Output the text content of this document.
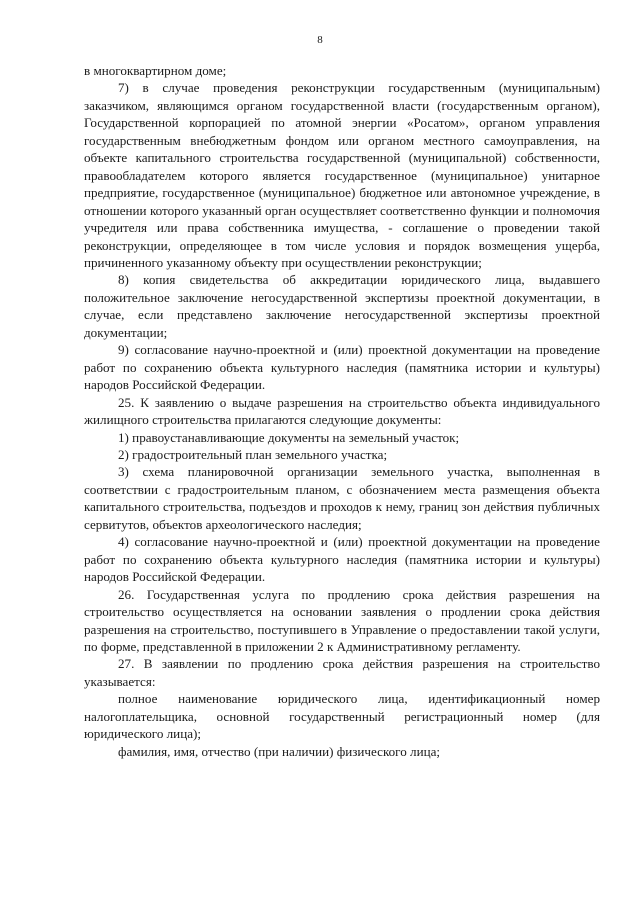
8

в многоквартирном доме;

7) в случае проведения реконструкции государственным (муниципальным) заказчиком, являющимся органом государственной власти (государственным органом), Государственной корпорацией по атомной энергии «Росатом», органом управления государственным внебюджетным фондом или органом местного самоуправления, на объекте капитального строительства государственной (муниципальной) собственности, правообладателем которого является государственное (муниципальное) унитарное предприятие, государственное (муниципальное) бюджетное или автономное учреждение, в отношении которого указанный орган осуществляет соответственно функции и полномочия учредителя или права собственника имущества, - соглашение о проведении такой реконструкции, определяющее в том числе условия и порядок возмещения ущерба, причиненного указанному объекту при осуществлении реконструкции;

8) копия свидетельства об аккредитации юридического лица, выдавшего положительное заключение негосударственной экспертизы проектной документации, в случае, если представлено заключение негосударственной экспертизы проектной документации;

9) согласование научно-проектной и (или) проектной документации на проведение работ по сохранению объекта культурного наследия (памятника истории и культуры) народов Российской Федерации.

25. К заявлению о выдаче разрешения на строительство объекта индивидуального жилищного строительства прилагаются следующие документы:

1) правоустанавливающие документы на земельный участок;

2) градостроительный план земельного участка;

3) схема планировочной организации земельного участка, выполненная в соответствии с градостроительным планом, с обозначением места размещения объекта капитального строительства, подъездов и проходов к нему, границ зон действия публичных сервитутов, объектов археологического наследия;

4) согласование научно-проектной и (или) проектной документации на проведение работ по сохранению объекта культурного наследия (памятника истории и культуры) народов Российской Федерации.

26. Государственная услуга по продлению срока действия разрешения на строительство осуществляется на основании заявления о продлении срока действия разрешения на строительство, поступившего в Управление о предоставлении такой услуги, по форме, представленной в приложении 2 к Административному регламенту.

27. В заявлении по продлению срока действия разрешения на строительство указывается:

полное наименование юридического лица, идентификационный номер налогоплательщика, основной государственный регистрационный номер (для юридического лица);

фамилия, имя, отчество (при наличии) физического лица;
